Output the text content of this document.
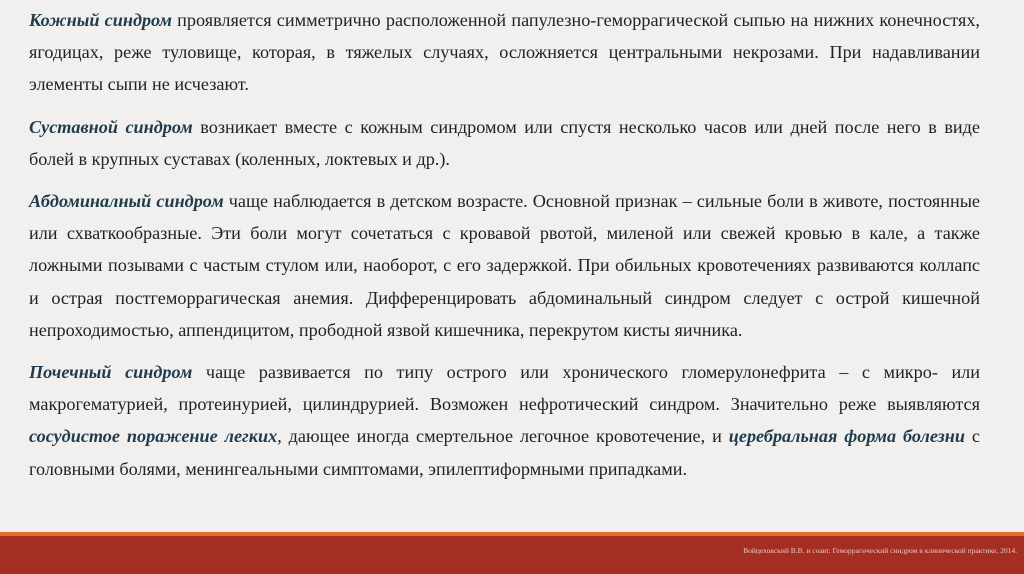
Кожный синдром проявляется симметрично расположенной папулезно-геморрагической сыпью на нижних конечностях, ягодицах, реже туловище, которая, в тяжелых случаях, осложняется центральными некрозами. При надавливании элементы сыпи не исчезают.

Суставной синдром возникает вместе с кожным синдромом или спустя несколько часов или дней после него в виде болей в крупных суставах (коленных, локтевых и др.).

Абдоминалный синдром чаще наблюдается в детском возрасте. Основной признак – сильные боли в животе, постоянные или схваткообразные. Эти боли могут сочетаться с кровавой рвотой, миленой или свежей кровью в кале, а также ложными позывами с частым стулом или, наоборот, с его задержкой. При обильных кровотечениях развиваются коллапс и острая постгеморрагическая анемия. Дифференцировать абдоминальный синдром следует с острой кишечной непроходимостью, аппендицитом, прободной язвой кишечника, перекрутом кисты яичника.

Почечный синдром чаще развивается по типу острого или хронического гломерулонефрита – с микро- или макрогематурией, протеинурией, цилиндрурией. Возможен нефротический синдром. Значительно реже выявляются сосудистое поражение легких, дающее иногда смертельное легочное кровотечение, и церебральная форма болезни с головными болями, менингеальными симптомами, эпилептиформными припадками.

Войцеховский В.В. и соавт. Геморрагический синдром в клинической практике, 2014.
